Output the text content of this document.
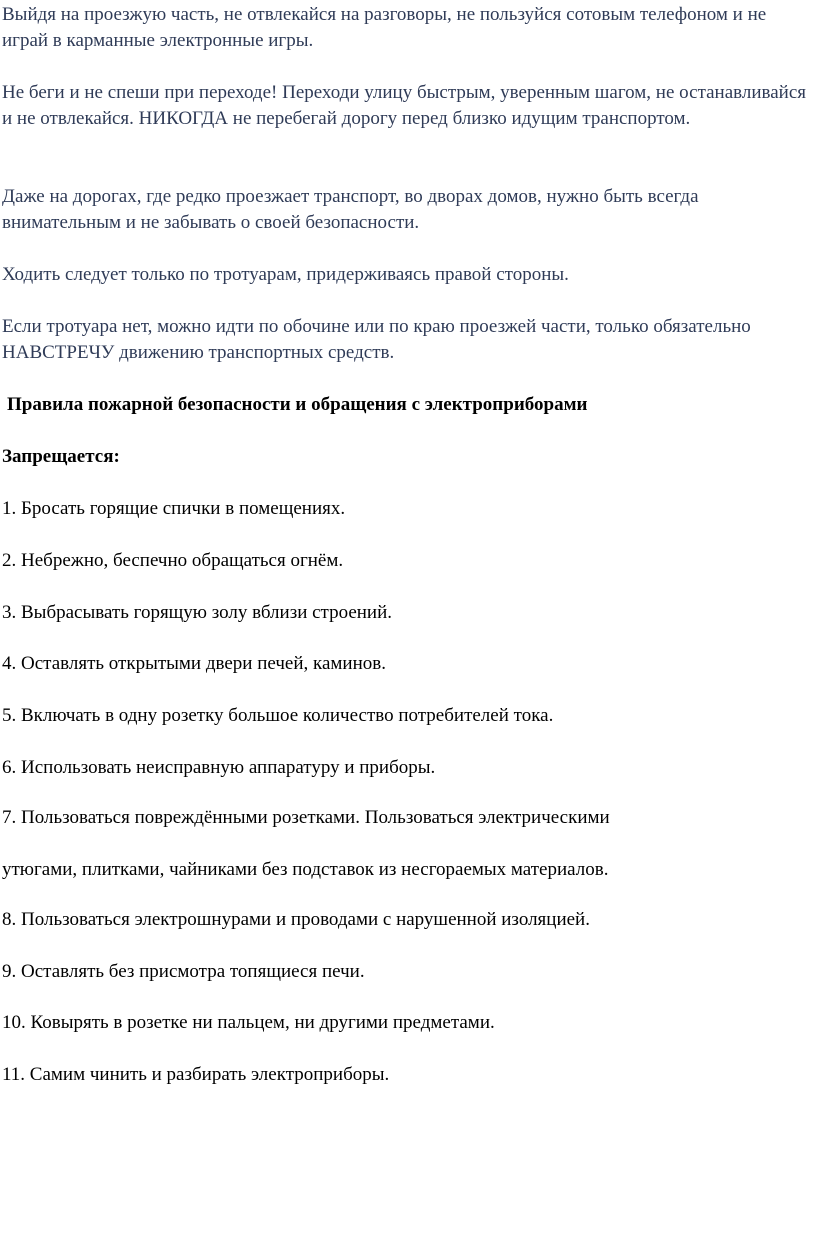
Выйдя на проезжую часть, не отвлекайся на разговоры, не пользуйся сотовым телефоном и не играй в карманные электронные игры.

Не беги и не спеши при переходе! Переходи улицу быстрым, уверенным шагом, не останавливайся и не отвлекайся. НИКОГДА не перебегай дорогу перед близко идущим транспортом.

Даже на дорогах, где редко проезжает транспорт, во дворах домов, нужно быть всегда внимательным и не забывать о своей безопасности.

Ходить следует только по тротуарам, придерживаясь правой стороны.

Если тротуара нет, можно идти по обочине или по краю проезжей части, только обязательно НАВСТРЕЧУ движению транспортных средств.

Правила пожарной безопасности и обращения с электроприборами

Запрещается:

1. Бросать горящие спички в помещениях.

2. Небрежно, беспечно обращаться огнём.

3. Выбрасывать горящую золу вблизи строений.

4. Оставлять открытыми двери печей, каминов.

5. Включать в одну розетку большое количество потребителей тока.

6. Использовать неисправную аппаратуру и приборы.

7. Пользоваться повреждёнными розетками. Пользоваться электрическими

утюгами, плитками, чайниками без подставок из несгораемых материалов.

8. Пользоваться электрошнурами и проводами с нарушенной изоляцией.

9. Оставлять без присмотра топящиеся печи.

10. Ковырять в розетке ни пальцем, ни другими предметами.

11. Самим чинить и разбирать электроприборы.
